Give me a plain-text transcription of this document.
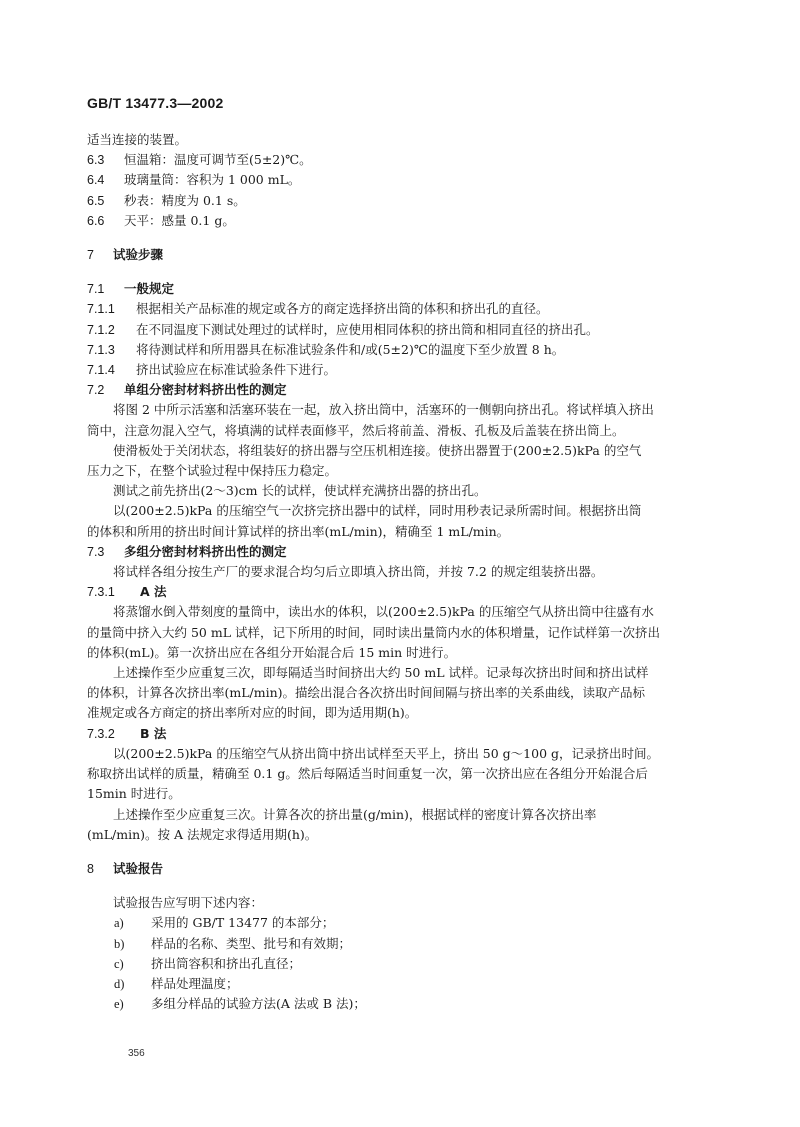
GB/T 13477.3—2002
适当连接的装置。
6.3 恒温箱：温度可调节至(5±2)℃。
6.4 玻璃量筒：容积为 1 000 mL。
6.5 秒表：精度为 0.1 s。
6.6 天平：感量 0.1 g。
7 试验步骤
7.1 一般规定
7.1.1 根据相关产品标准的规定或各方的商定选择挤出筒的体积和挤出孔的直径。
7.1.2 在不同温度下测试处理过的试样时，应使用相同体积的挤出筒和相同直径的挤出孔。
7.1.3 将待测试样和所用器具在标准试验条件和/或(5±2)℃的温度下至少放置 8 h。
7.1.4 挤出试验应在标准试验条件下进行。
7.2 单组分密封材料挤出性的测定
将图 2 中所示活塞和活塞环装在一起，放入挤出筒中，活塞环的一侧朝向挤出孔。将试样填入挤出
筒中，注意勿混入空气，将填满的试样表面修平，然后将前盖、滑板、孔板及后盖装在挤出筒上。
使滑板处于关闭状态，将组装好的挤出器与空压机相连接。使挤出器置于(200±2.5)kPa 的空气
压力之下，在整个试验过程中保持压力稳定。
测试之前先挤出(2～3)cm 长的试样，使试样充满挤出器的挤出孔。
以(200±2.5)kPa 的压缩空气一次挤完挤出器中的试样，同时用秒表记录所需时间。根据挤出筒
的体积和所用的挤出时间计算试样的挤出率(mL/min)，精确至 1 mL/min。
7.3 多组分密封材料挤出性的测定
将试样各组分按生产厂的要求混合均匀后立即填入挤出筒，并按 7.2 的规定组装挤出器。
7.3.1 A 法
将蒸馏水倒入带刻度的量筒中，读出水的体积，以(200±2.5)kPa 的压缩空气从挤出筒中往盛有水
的量筒中挤入大约 50 mL 试样，记下所用的时间，同时读出量筒内水的体积增量，记作试样第一次挤出
的体积(mL)。第一次挤出应在各组分开始混合后 15 min 时进行。
上述操作至少应重复三次，即每隔适当时间挤出大约 50 mL 试样。记录每次挤出时间和挤出试样
的体积，计算各次挤出率(mL/min)。描绘出混合各次挤出时间间隔与挤出率的关系曲线，读取产品标
准规定或各方商定的挤出率所对应的时间，即为适用期(h)。
7.3.2 B 法
以(200±2.5)kPa 的压缩空气从挤出筒中挤出试样至天平上，挤出 50 g～100 g，记录挤出时间。
称取挤出试样的质量，精确至 0.1 g。然后每隔适当时间重复一次，第一次挤出应在各组分开始混合后
15min 时进行。
上述操作至少应重复三次。计算各次的挤出量(g/min)，根据试样的密度计算各次挤出率
(mL/min)。按 A 法规定求得适用期(h)。
8 试验报告
试验报告应写明下述内容：
a) 采用的 GB/T 13477 的本部分；
b) 样品的名称、类型、批号和有效期；
c) 挤出筒容积和挤出孔直径；
d) 样品处理温度；
e) 多组分样品的试验方法(A 法或 B 法)；
356
